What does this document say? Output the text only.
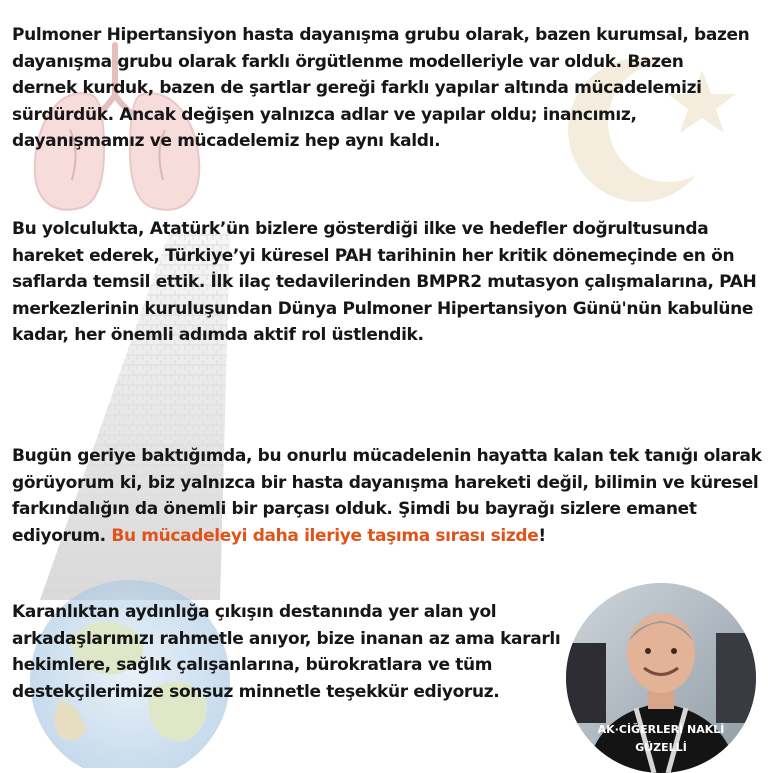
Pulmoner Hipertansiyon hasta dayanışma grubu olarak, bazen kurumsal, bazen dayanışma grubu olarak farklı örgütlenme modelleriyle var olduk. Bazen dernek kurduk, bazen de şartlar gereği farklı yapılar altında mücadelemizi sürdürdük. Ancak değişen yalnızca adlar ve yapılar oldu; inancımız, dayanışmamız ve mücadelemiz hep aynı kaldı.

Bu yolculukta, Atatürk’ün bizlere gösterdiği ilke ve hedefler doğrultusunda hareket ederek, Türkiye’yi küresel PAH tarihinin her kritik dönemeçinde en ön saflarda temsil ettik. İlk ilaç tedavilerinden BMPR2 mutasyon çalışmalarına, PAH merkezlerinin kuruluşundan Dünya Pulmoner Hipertansiyon Günü'nün kabulüne kadar, her önemli adımda aktif rol üstlendik.

Bugün geriye baktığımda, bu onurlu mücadelenin hayatta kalan tek tanığı olarak görüyorum ki, biz yalnızca bir hasta dayanışma hareketi değil, bilimin ve küresel farkındalığın da önemli bir parçası olduk. Şimdi bu bayrağı sizlere emanet ediyorum. Bu mücadeleyi daha ileriye taşıma sırası sizde!

Karanlıktan aydınlığa çıkışın destanında yer alan yol arkadaşlarımızı rahmetle anıyor, bize inanan az ama kararlı hekimlere, sağlık çalışanlarına, bürokratlara ve tüm destekçilerimize sonsuz minnetle teşekkür ediyoruz.

AK·CİĞERLERİ NAKLİ
GÜZELLİ
